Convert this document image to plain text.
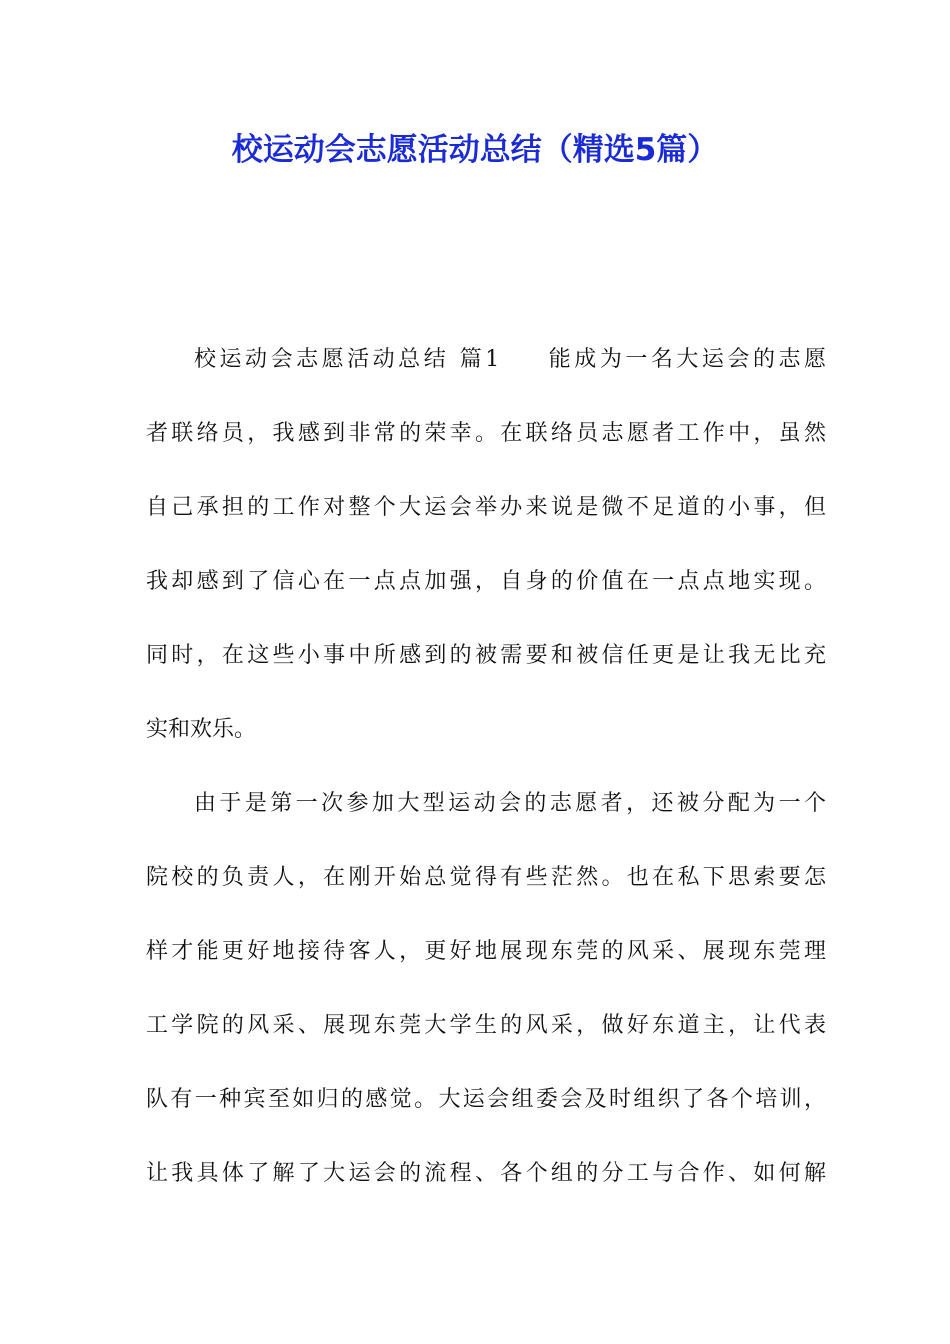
校运动会志愿活动总结（精选5篇）
校运动会志愿活动总结 篇1 能成为一名大运会的志愿
者联络员，我感到非常的荣幸。在联络员志愿者工作中，虽然
自己承担的工作对整个大运会举办来说是微不足道的小事，但
我却感到了信心在一点点加强，自身的价值在一点点地实现。
同时，在这些小事中所感到的被需要和被信任更是让我无比充
实和欢乐。
由于是第一次参加大型运动会的志愿者，还被分配为一个
院校的负责人，在刚开始总觉得有些茫然。也在私下思索要怎
样才能更好地接待客人，更好地展现东莞的风采、展现东莞理
工学院的风采、展现东莞大学生的风采，做好东道主，让代表
队有一种宾至如归的感觉。大运会组委会及时组织了各个培训，
让我具体了解了大运会的流程、各个组的分工与合作、如何解
